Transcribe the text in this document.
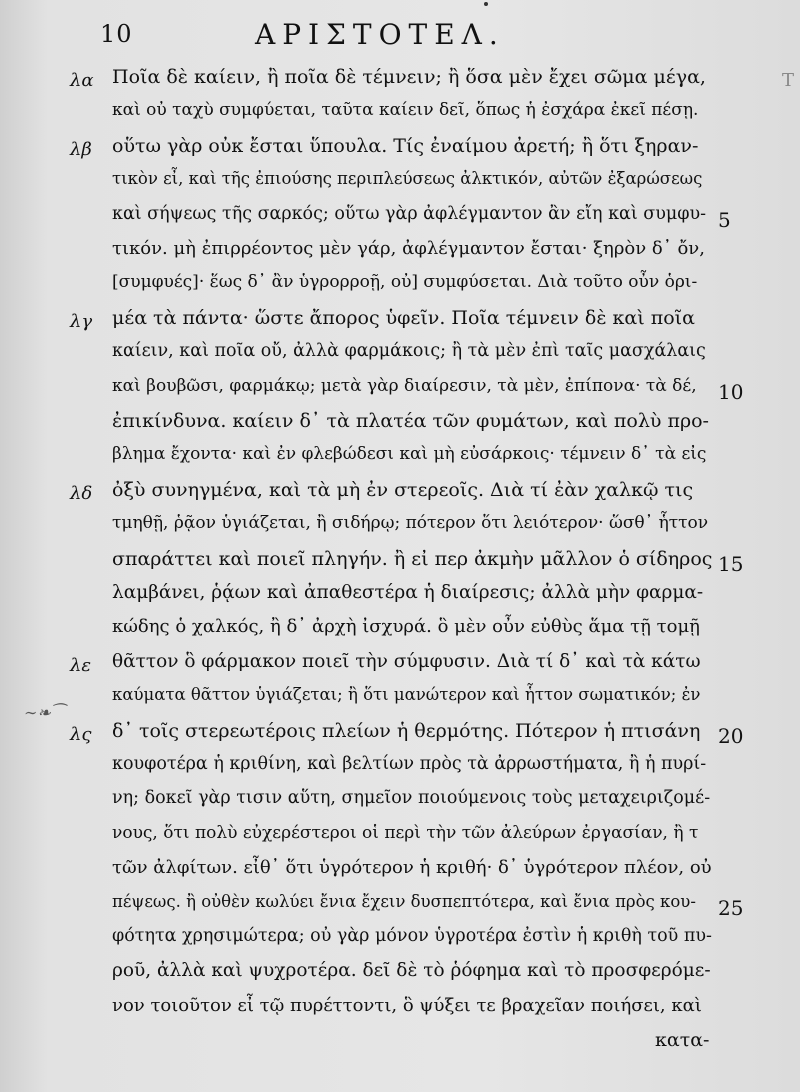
10	ΑΡΙΣΤΟΤΕΛ.
∼❧⁀
Τ
Ποῖα δὲ καίειν, ἢ ποῖα δὲ τέμνειν; ἢ ὅσα μὲν ἔχει σῶμα μέγα,
λα
καὶ οὐ ταχὺ συμφύεται, ταῦτα καίειν δεῖ, ὅπως ἡ ἐσχάρα ἐκεῖ πέσῃ.
οὕτω γὰρ οὐκ ἔσται ὕπουλα. Τίς ἐναίμου ἀρετή; ἢ ὅτι ξηραν-
λβ
τικὸν εἶ, καὶ τῆς ἐπιούσης περιπλεύσεως ἀλκτικόν, αὐτῶν ἐξαρώσεως
καὶ σήψεως τῆς σαρκός; οὕτω γὰρ ἀφλέγμαντον ἂν εἴη καὶ συμφυ- 5
τικόν. μὴ ἐπιρρέοντος μὲν γάρ, ἀφλέγμαντον ἔσται· ξηρὸν δ᾽ ὄν,
[συμφυές]· ἕως δ᾽ ἂν ὑγρορροῇ, οὐ] συμφύσεται. Διὰ τοῦτο οὖν ὁρι-
μέα τὰ πάντα· ὥστε ἄπορος ὑφεῖν. Ποῖα τέμνειν δὲ καὶ ποῖα
λγ
καίειν, καὶ ποῖα οὔ, ἀλλὰ φαρμάκοις; ἢ τὰ μὲν ἐπὶ ταῖς μασχάλαις
καὶ βουβῶσι, φαρμάκῳ; μετὰ γὰρ διαίρεσιν, τὰ μὲν, ἐπίπονα· τὰ δέ,	10
ἐπικίνδυνα. καίειν δ᾽ τὰ πλατέα τῶν φυμάτων, καὶ πολὺ προ-
βλημα ἔχοντα· καὶ ἐν φλεβώδεσι καὶ μὴ εὐσάρκοις· τέμνειν δ᾽ τὰ εἰς
ὀξὺ συνηγμένα, καὶ τὰ μὴ ἐν στερεοῖς. Διὰ τί ἐὰν χαλκῷ τις
λδ
τμηθῇ, ῥᾷον ὑγιάζεται, ἢ σιδήρῳ; πότερον ὅτι λειότερον· ὥσθ᾽ ἧττον
σπαράττει καὶ ποιεῖ πληγήν. ἢ εἰ περ ἀκμὴν μᾶλλον ὁ σίδηρος 15
λαμβάνει, ῥᾴων καὶ ἀπαθεστέρα ἡ διαίρεσις; ἀλλὰ μὴν φαρμα-
κώδης ὁ χαλκός, ἢ δ᾽ ἀρχὴ ἰσχυρά. ὃ μὲν οὖν εὐθὺς ἅμα τῇ τομῇ
θᾶττον ὃ φάρμακον ποιεῖ τὴν σύμφυσιν. Διὰ τί δ᾽ καὶ τὰ κάτω
λε
καύματα θᾶττον ὑγιάζεται; ἢ ὅτι μανώτερον καὶ ἧττον σωματικόν; ἐν
δ᾽ τοῖς στερεωτέροις πλείων ἡ θερμότης. Πότερον ἡ πτισάνη
λς	20
κουφοτέρα ἡ κριθίνη, καὶ βελτίων πρὸς τὰ ἀρρωστήματα, ἢ ἡ πυρί-
νη; δοκεῖ γὰρ τισιν αὕτη, σημεῖον ποιούμενοις τοὺς μεταχειριζομέ-
νους, ὅτι πολὺ εὐχερέστεροι οἱ περὶ τὴν τῶν ἀλεύρων ἐργασίαν, ἢ τ
τῶν ἀλφίτων. εἶθ᾽ ὅτι ὑγρότερον ἡ κριθή· δ᾽ ὑγρότερον πλέον, οὐ
πέψεως. ἢ οὐθὲν κωλύει ἔνια ἔχειν δυσπεπτότερα, καὶ ἔνια πρὸς κου-	25
φότητα χρησιμώτερα; οὐ γὰρ μόνον ὑγροτέρα ἐστὶν ἡ κριθὴ τοῦ πυ-
ροῦ, ἀλλὰ καὶ ψυχροτέρα. δεῖ δὲ τὸ ῥόφημα καὶ τὸ προσφερόμε-
νον τοιοῦτον εἶ τῷ πυρέττοντι, ὃ ψύξει τε βραχεῖαν ποιήσει, καὶ
κατα-
